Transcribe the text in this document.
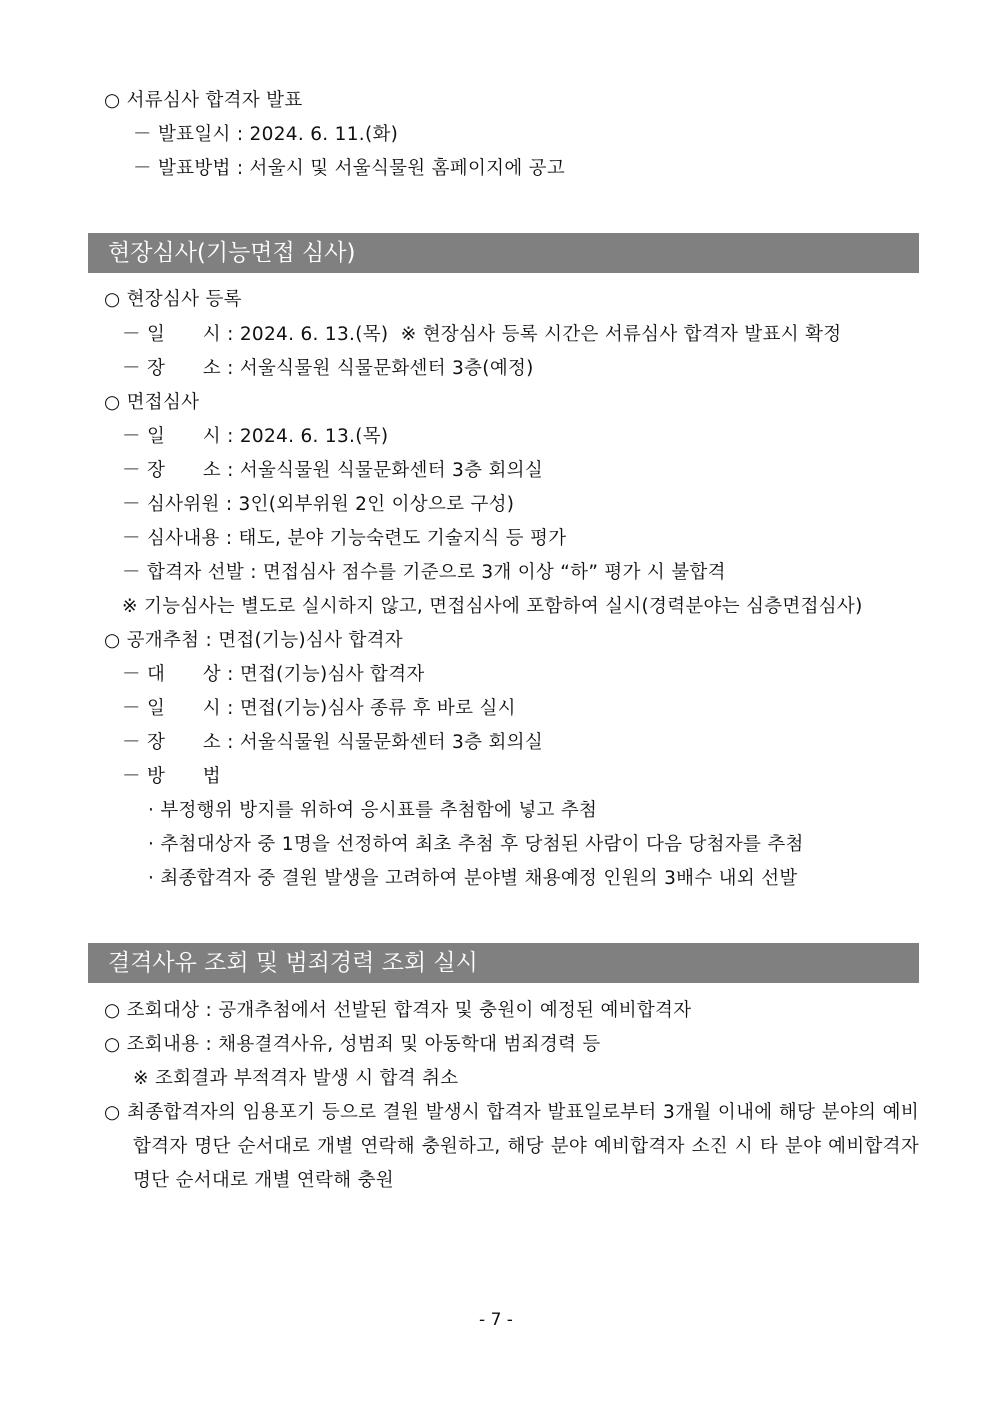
○ 서류심사 합격자 발표
－ 발표일시 : 2024. 6. 11.(화)
－ 발표방법 : 서울시 및 서울식물원 홈페이지에 공고
현장심사(기능면접 심사)
○ 현장심사 등록
－ 일　　시 : 2024. 6. 13.(목)  ※ 현장심사 등록 시간은 서류심사 합격자 발표시 확정
－ 장　　소 : 서울식물원 식물문화센터 3층(예정)
○ 면접심사
－ 일　　시 : 2024. 6. 13.(목)
－ 장　　소 : 서울식물원 식물문화센터 3층 회의실
－ 심사위원 : 3인(외부위원 2인 이상으로 구성)
－ 심사내용 : 태도, 분야 기능숙련도 기술지식 등 평가
－ 합격자 선발 : 면접심사 점수를 기준으로 3개 이상 “하” 평가 시 불합격
※ 기능심사는 별도로 실시하지 않고, 면접심사에 포함하여 실시(경력분야는 심층면접심사)
○ 공개추첨 : 면접(기능)심사 합격자
－ 대　　상 : 면접(기능)심사 합격자
－ 일　　시 : 면접(기능)심사 종류 후 바로 실시
－ 장　　소 : 서울식물원 식물문화센터 3층 회의실
－ 방　　법
· 부정행위 방지를 위하여 응시표를 추첨함에 넣고 추첨
· 추첨대상자 중 1명을 선정하여 최초 추첨 후 당첨된 사람이 다음 당첨자를 추첨
· 최종합격자 중 결원 발생을 고려하여 분야별 채용예정 인원의 3배수 내외 선발
결격사유 조회 및 범죄경력 조회 실시
○ 조회대상 : 공개추첨에서 선발된 합격자 및 충원이 예정된 예비합격자
○ 조회내용 : 채용결격사유, 성범죄 및 아동학대 범죄경력 등
※ 조회결과 부적격자 발생 시 합격 취소
○ 최종합격자의 임용포기 등으로 결원 발생시 합격자 발표일로부터 3개월 이내에 해당 분야의 예비합격자 명단 순서대로 개별 연락해 충원하고, 해당 분야 예비합격자 소진 시 타 분야 예비합격자 명단 순서대로 개별 연락해 충원
- 7 -
